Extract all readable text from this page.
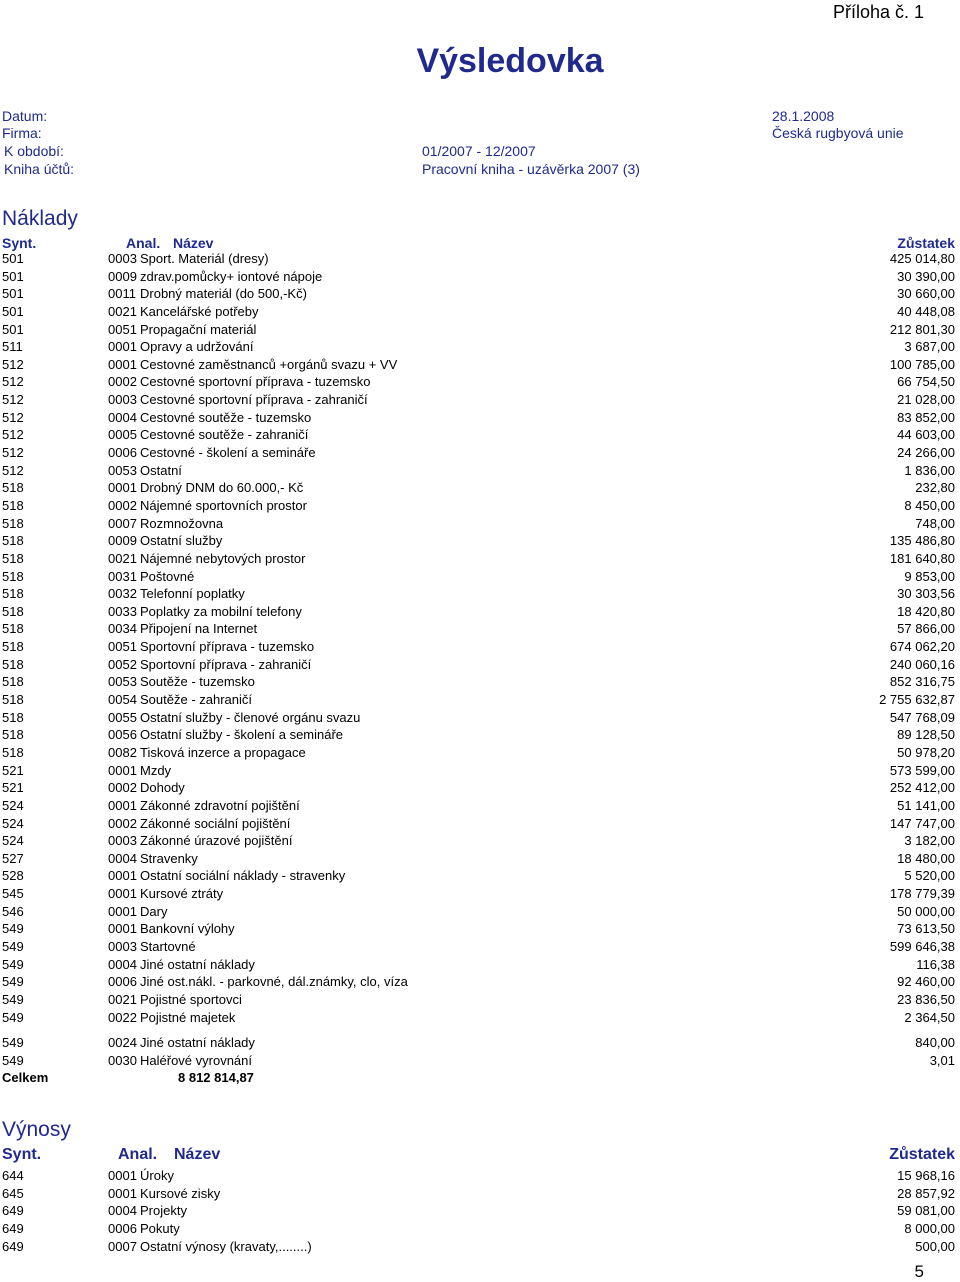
Příloha č. 1
Výsledovka
Datum:	28.1.2008
Firma:	Česká rugbyová unie
K období:	01/2007 - 12/2007
Kniha účtů:	Pracovní kniha - uzávěrka 2007 (3)
Náklady
Synt.	Anal. Název	Zůstatek
501	0003 Sport. Materiál (dresy)	425 014,80
501	0009 zdrav.pomůcky+ iontové nápoje	30 390,00
501	0011 Drobný materiál (do 500,-Kč)	30 660,00
501	0021 Kancelářské potřeby	40 448,08
501	0051 Propagační materiál	212 801,30
511	0001 Opravy a udržování	3 687,00
512	0001 Cestovné zaměstnanců +orgánů svazu + VV	100 785,00
512	0002 Cestovné sportovní příprava - tuzemsko	66 754,50
512	0003 Cestovné sportovní příprava - zahraničí	21 028,00
512	0004 Cestovné soutěže - tuzemsko	83 852,00
512	0005 Cestovné soutěže - zahraničí	44 603,00
512	0006 Cestovné - školení a semináře	24 266,00
512	0053 Ostatní	1 836,00
518	0001 Drobný DNM do 60.000,- Kč	232,80
518	0002 Nájemné sportovních prostor	8 450,00
518	0007 Rozmnožovna	748,00
518	0009 Ostatní služby	135 486,80
518	0021 Nájemné nebytových prostor	181 640,80
518	0031 Poštovné	9 853,00
518	0032 Telefonní poplatky	30 303,56
518	0033 Poplatky za mobilní telefony	18 420,80
518	0034 Připojení na Internet	57 866,00
518	0051 Sportovní příprava - tuzemsko	674 062,20
518	0052 Sportovní příprava - zahraničí	240 060,16
518	0053 Soutěže - tuzemsko	852 316,75
518	0054 Soutěže - zahraničí	2 755 632,87
518	0055 Ostatní služby - členové orgánu svazu	547 768,09
518	0056 Ostatní služby - školení a semináře	89 128,50
518	0082 Tisková inzerce a propagace	50 978,20
521	0001 Mzdy	573 599,00
521	0002 Dohody	252 412,00
524	0001 Zákonné zdravotní pojištění	51 141,00
524	0002 Zákonné sociální pojištění	147 747,00
524	0003 Zákonné úrazové pojištění	3 182,00
527	0004 Stravenky	18 480,00
528	0001 Ostatní sociální náklady - stravenky	5 520,00
545	0001 Kursové ztráty	178 779,39
546	0001 Dary	50 000,00
549	0001 Bankovní výlohy	73 613,50
549	0003 Startovné	599 646,38
549	0004 Jiné ostatní náklady	116,38
549	0006 Jiné ost.nákl. - parkovné, dál.známky, clo, víza	92 460,00
549	0021 Pojistné sportovci	23 836,50
549	0022 Pojistné majetek	2 364,50
549	0024 Jiné ostatní náklady	840,00
549	0030 Haléřové vyrovnání	3,01
Celkem	8 812 814,87
Výnosy
Synt.	Anal. Název	Zůstatek
644	0001 Úroky	15 968,16
645	0001 Kursové zisky	28 857,92
649	0004 Projekty	59 081,00
649	0006 Pokuty	8 000,00
649	0007 Ostatní výnosy (kravaty,........)	500,00
5
